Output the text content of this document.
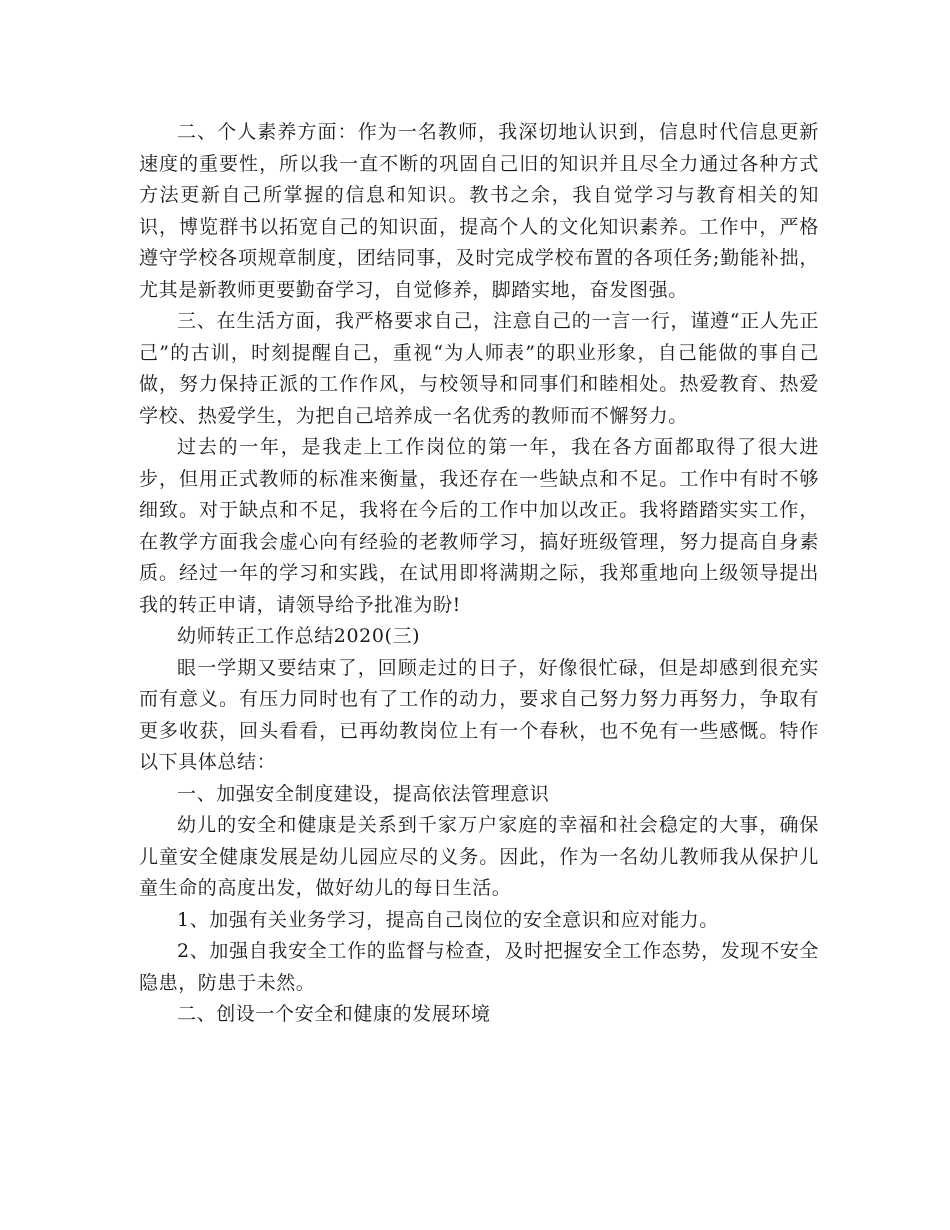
二、个人素养方面：作为一名教师，我深切地认识到，信息时代信息更新速度的重要性，所以我一直不断的巩固自己旧的知识并且尽全力通过各种方式方法更新自己所掌握的信息和知识。教书之余，我自觉学习与教育相关的知识，博览群书以拓宽自己的知识面，提高个人的文化知识素养。工作中，严格遵守学校各项规章制度，团结同事，及时完成学校布置的各项任务;勤能补拙，尤其是新教师更要勤奋学习，自觉修养，脚踏实地，奋发图强。

三、在生活方面，我严格要求自己，注意自己的一言一行，谨遵“正人先正己”的古训，时刻提醒自己，重视“为人师表”的职业形象，自己能做的事自己做，努力保持正派的工作作风，与校领导和同事们和睦相处。热爱教育、热爱学校、热爱学生，为把自己培养成一名优秀的教师而不懈努力。

过去的一年，是我走上工作岗位的第一年，我在各方面都取得了很大进步，但用正式教师的标准来衡量，我还存在一些缺点和不足。工作中有时不够细致。对于缺点和不足，我将在今后的工作中加以改正。我将踏踏实实工作，在教学方面我会虚心向有经验的老教师学习，搞好班级管理，努力提高自身素质。经过一年的学习和实践，在试用即将满期之际，我郑重地向上级领导提出我的转正申请，请领导给予批准为盼!

幼师转正工作总结2020(三)

眼一学期又要结束了，回顾走过的日子，好像很忙碌，但是却感到很充实而有意义。有压力同时也有了工作的动力，要求自己努力努力再努力，争取有更多收获，回头看看，已再幼教岗位上有一个春秋，也不免有一些感慨。特作以下具体总结：

一、加强安全制度建设，提高依法管理意识

幼儿的安全和健康是关系到千家万户家庭的幸福和社会稳定的大事，确保儿童安全健康发展是幼儿园应尽的义务。因此，作为一名幼儿教师我从保护儿童生命的高度出发，做好幼儿的每日生活。

1、加强有关业务学习，提高自己岗位的安全意识和应对能力。

2、加强自我安全工作的监督与检查，及时把握安全工作态势，发现不安全隐患，防患于未然。

二、创设一个安全和健康的发展环境
